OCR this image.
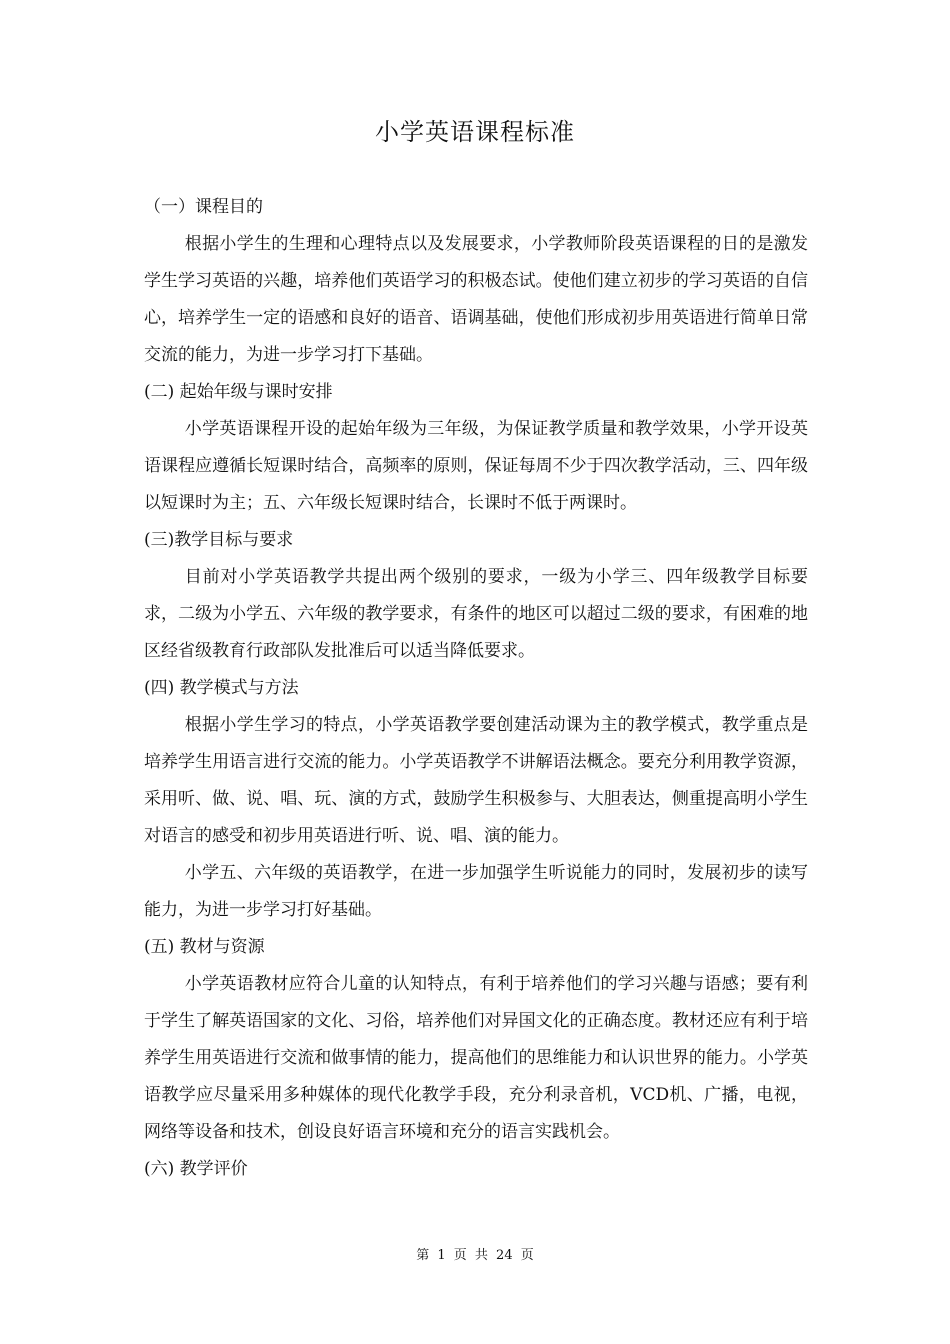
小学英语课程标准

（一）课程目的

根据小学生的生理和心理特点以及发展要求，小学教师阶段英语课程的日的是激发学生学习英语的兴趣，培养他们英语学习的积极态试。使他们建立初步的学习英语的自信心，培养学生一定的语感和良好的语音、语调基础，使他们形成初步用英语进行简单日常交流的能力，为进一步学习打下基础。

(二) 起始年级与课时安排

小学英语课程开设的起始年级为三年级，为保证教学质量和教学效果，小学开设英语课程应遵循长短课时结合，高频率的原则，保证每周不少于四次教学活动，三、四年级以短课时为主；五、六年级长短课时结合，长课时不低于两课时。

(三)教学目标与要求

目前对小学英语教学共提出两个级别的要求，一级为小学三、四年级教学目标要求，二级为小学五、六年级的教学要求，有条件的地区可以超过二级的要求，有困难的地区经省级教育行政部队发批准后可以适当降低要求。

(四) 教学模式与方法

根据小学生学习的特点，小学英语教学要创建活动课为主的教学模式，教学重点是培养学生用语言进行交流的能力。小学英语教学不讲解语法概念。要充分利用教学资源，采用听、做、说、唱、玩、演的方式，鼓励学生积极参与、大胆表达，侧重提高明小学生对语言的感受和初步用英语进行听、说、唱、演的能力。

小学五、六年级的英语教学，在进一步加强学生听说能力的同时，发展初步的读写能力，为进一步学习打好基础。

(五) 教材与资源

小学英语教材应符合儿童的认知特点，有利于培养他们的学习兴趣与语感；要有利于学生了解英语国家的文化、习俗，培养他们对异国文化的正确态度。教材还应有利于培养学生用英语进行交流和做事情的能力，提高他们的思维能力和认识世界的能力。小学英语教学应尽量采用多种媒体的现代化教学手段，充分利录音机，VCD机、广播，电视，网络等设备和技术，创设良好语言环境和充分的语言实践机会。

(六) 教学评价

第 1 页 共 24 页
